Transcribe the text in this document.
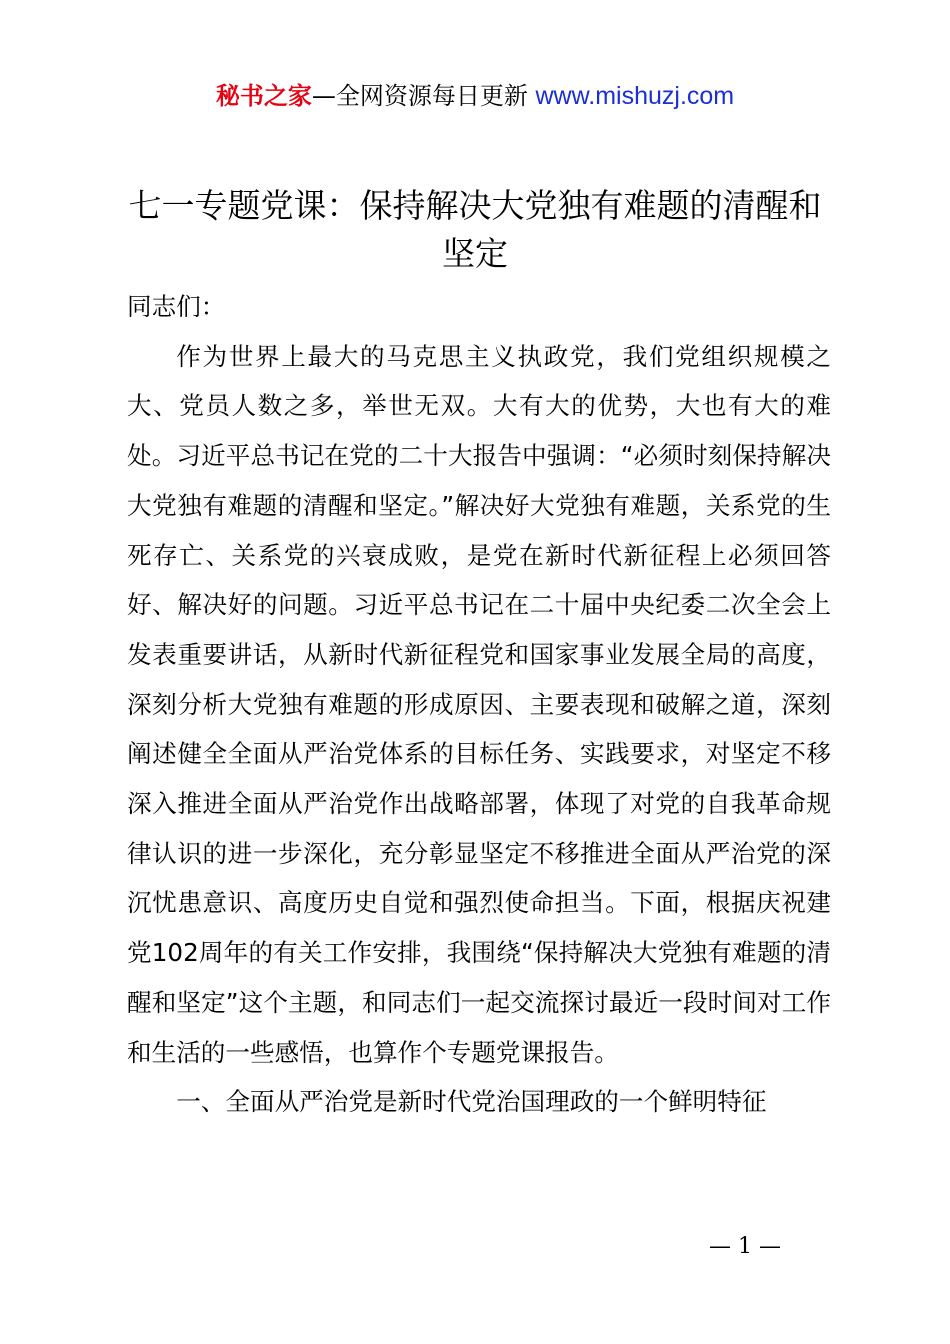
秘书之家—全网资源每日更新 www.mishuzj.com
七一专题党课：保持解决大党独有难题的清醒和坚定

同志们：

作为世界上最大的马克思主义执政党，我们党组织规模之大、党员人数之多，举世无双。大有大的优势，大也有大的难处。习近平总书记在党的二十大报告中强调：“必须时刻保持解决大党独有难题的清醒和坚定。”解决好大党独有难题，关系党的生死存亡、关系党的兴衰成败，是党在新时代新征程上必须回答好、解决好的问题。习近平总书记在二十届中央纪委二次全会上发表重要讲话，从新时代新征程党和国家事业发展全局的高度，深刻分析大党独有难题的形成原因、主要表现和破解之道，深刻阐述健全全面从严治党体系的目标任务、实践要求，对坚定不移深入推进全面从严治党作出战略部署，体现了对党的自我革命规律认识的进一步深化，充分彰显坚定不移推进全面从严治党的深沉忧患意识、高度历史自觉和强烈使命担当。下面，根据庆祝建党102周年的有关工作安排，我围绕“保持解决大党独有难题的清醒和坚定”这个主题，和同志们一起交流探讨最近一段时间对工作和生活的一些感悟，也算作个专题党课报告。

一、全面从严治党是新时代党治国理政的一个鲜明特征

— 1 —
